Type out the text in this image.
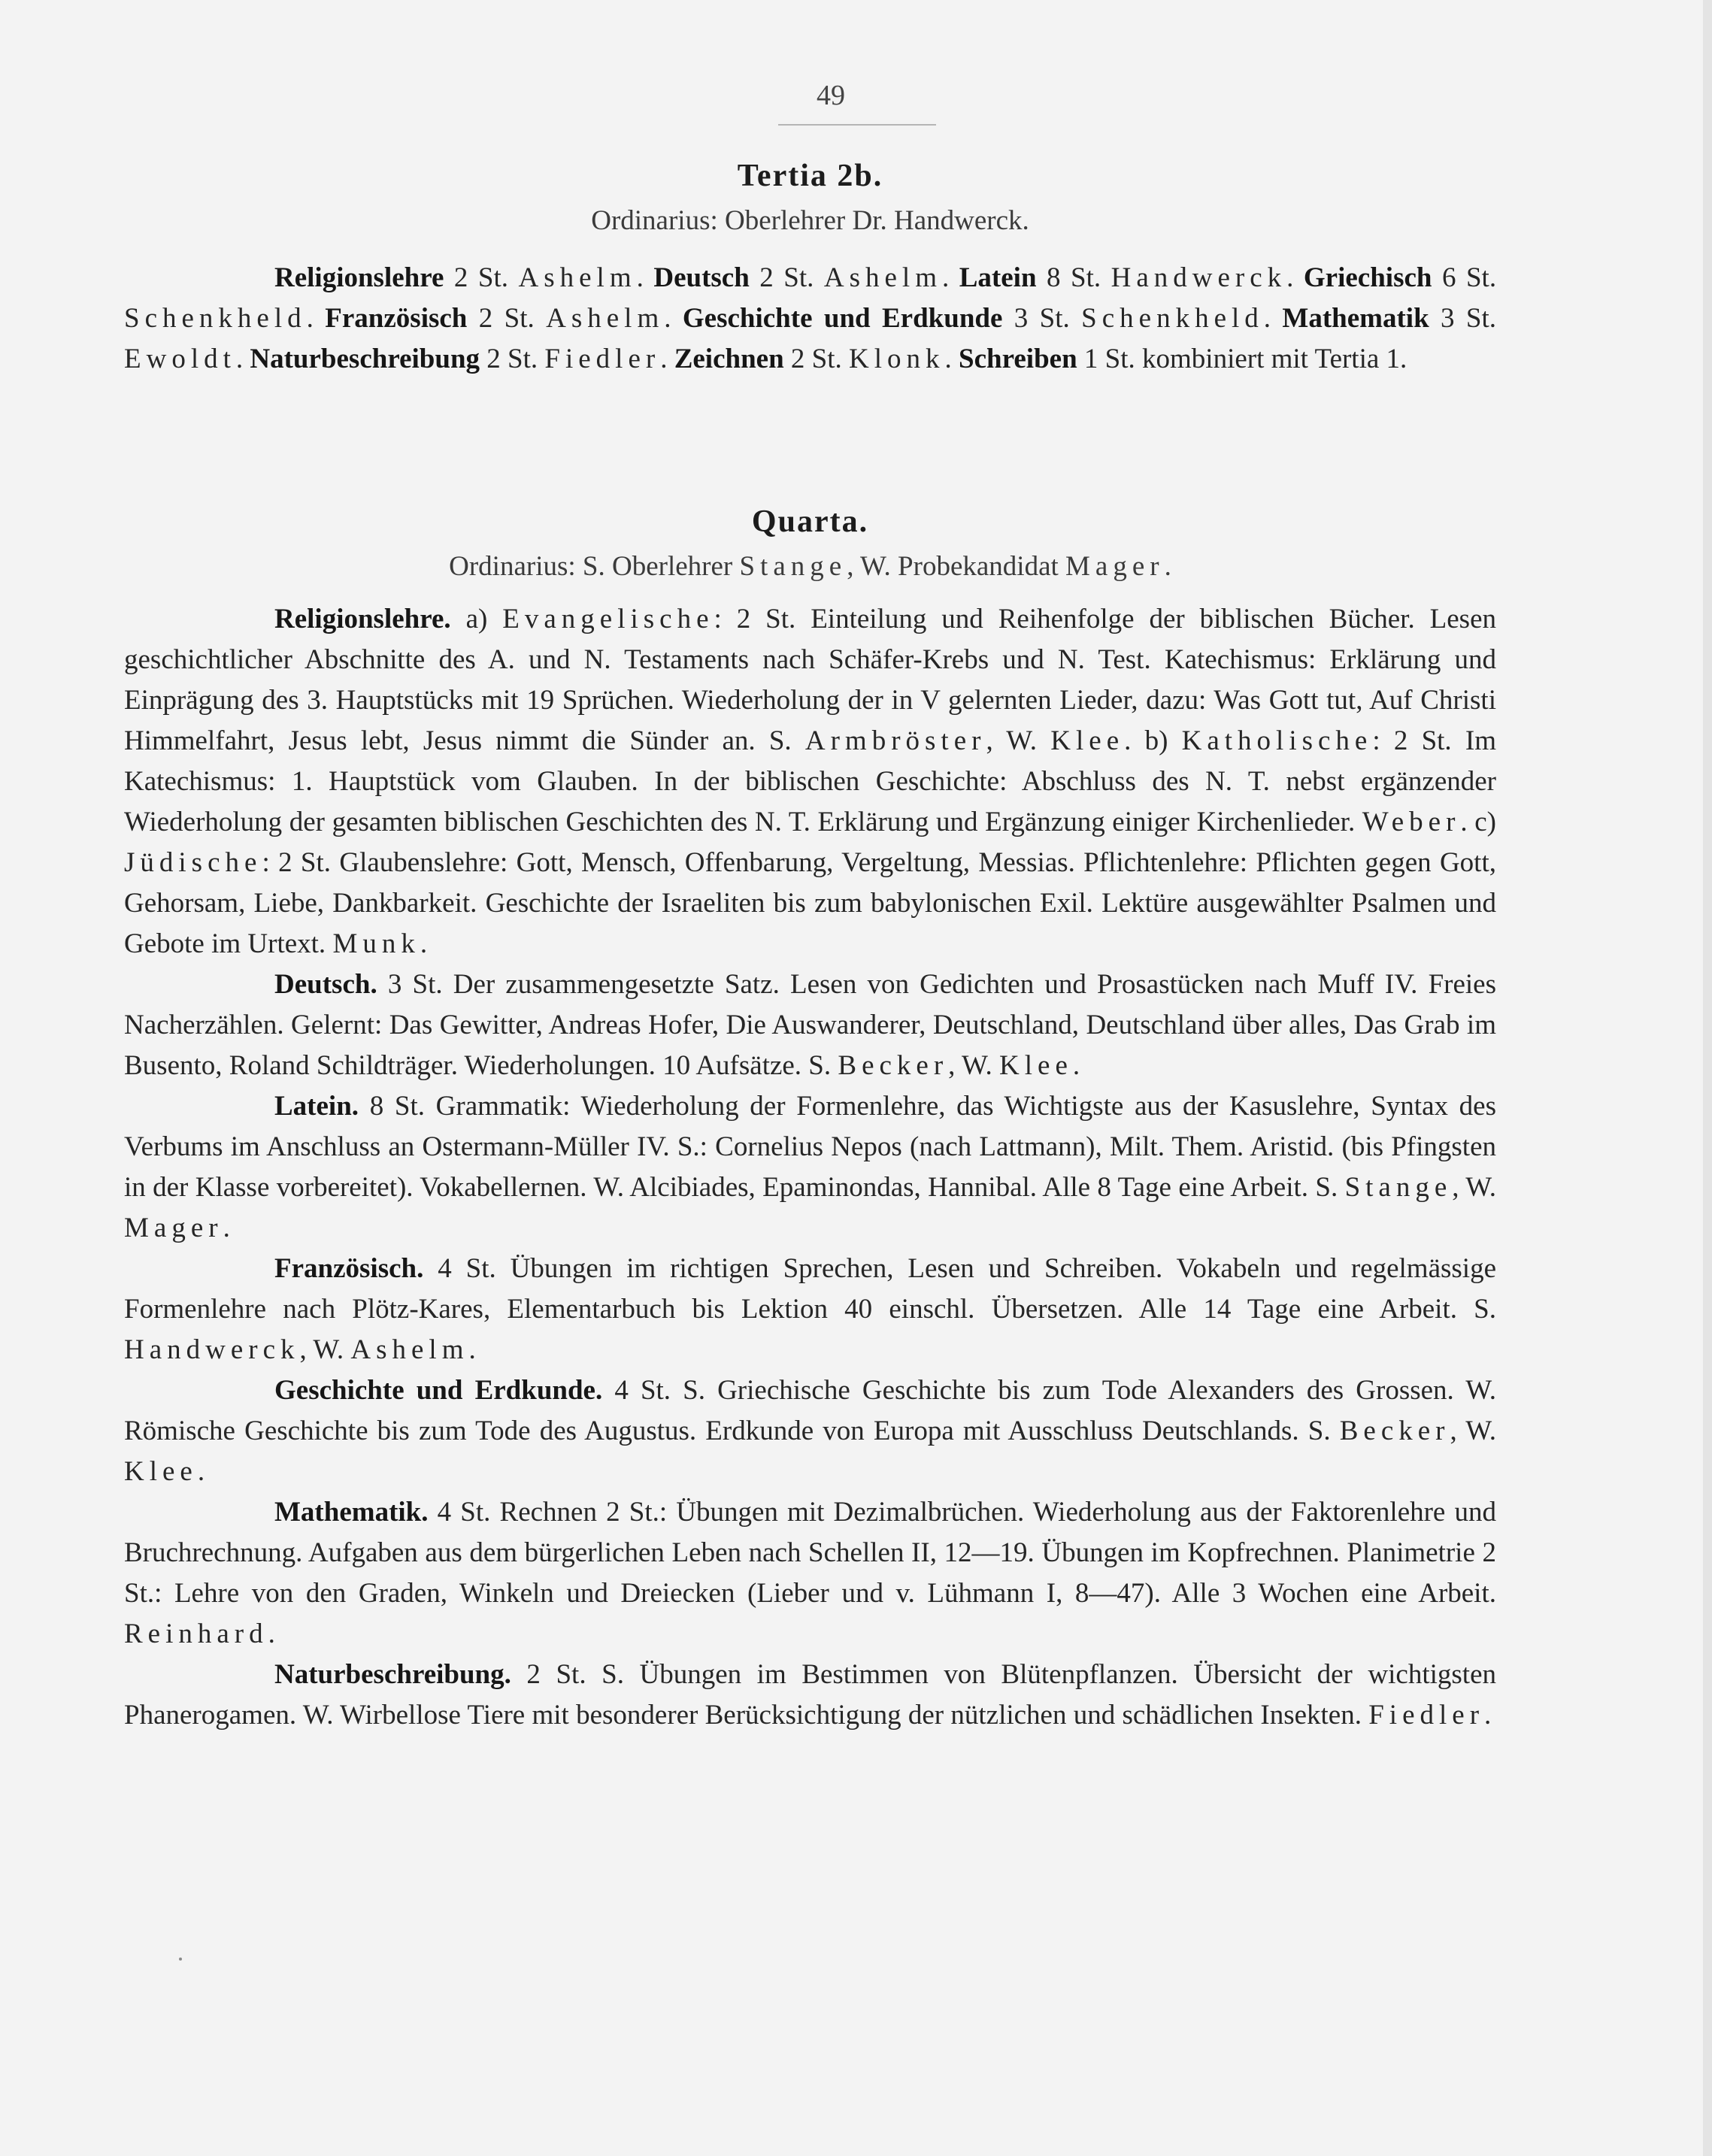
49
Tertia 2b.

Ordinarius: Oberlehrer Dr. Handwerck.

Religionslehre 2 St. Ashelm. Deutsch 2 St. Ashelm. Latein 8 St. Handwerck. Griechisch 6 St. Schenkheld. Französisch 2 St. Ashelm. Geschichte und Erdkunde 3 St. Schenkheld. Mathematik 3 St. Ewoldt. Naturbeschreibung 2 St. Fiedler. Zeichnen 2 St. Klonk. Schreiben 1 St. kombiniert mit Tertia 1.

Quarta.

Ordinarius: S. Oberlehrer Stange, W. Probekandidat Mager.

Religionslehre. a) Evangelische: 2 St. Einteilung und Reihenfolge der biblischen Bücher. Lesen geschichtlicher Abschnitte des A. und N. Testaments nach Schäfer-Krebs und N. Test. Katechismus: Erklärung und Einprägung des 3. Hauptstücks mit 19 Sprüchen. Wiederholung der in V gelernten Lieder, dazu: Was Gott tut, Auf Christi Himmelfahrt, Jesus lebt, Jesus nimmt die Sünder an. S. Armbröster, W. Klee. b) Katholische: 2 St. Im Katechismus: 1. Hauptstück vom Glauben. In der biblischen Geschichte: Abschluss des N. T. nebst ergänzender Wiederholung der gesamten biblischen Geschichten des N. T. Erklärung und Ergänzung einiger Kirchenlieder. Weber. c) Jüdische: 2 St. Glaubenslehre: Gott, Mensch, Offenbarung, Vergeltung, Messias. Pflichtenlehre: Pflichten gegen Gott, Gehorsam, Liebe, Dankbarkeit. Geschichte der Israeliten bis zum babylonischen Exil. Lektüre ausgewählter Psalmen und Gebote im Urtext. Munk.

Deutsch. 3 St. Der zusammengesetzte Satz. Lesen von Gedichten und Prosastücken nach Muff IV. Freies Nacherzählen. Gelernt: Das Gewitter, Andreas Hofer, Die Auswanderer, Deutschland, Deutschland über alles, Das Grab im Busento, Roland Schildträger. Wiederholungen. 10 Aufsätze. S. Becker, W. Klee.

Latein. 8 St. Grammatik: Wiederholung der Formenlehre, das Wichtigste aus der Kasuslehre, Syntax des Verbums im Anschluss an Ostermann-Müller IV. S.: Cornelius Nepos (nach Lattmann), Milt. Them. Aristid. (bis Pfingsten in der Klasse vorbereitet). Vokabellernen. W. Alcibiades, Epaminondas, Hannibal. Alle 8 Tage eine Arbeit. S. Stange, W. Mager.

Französisch. 4 St. Übungen im richtigen Sprechen, Lesen und Schreiben. Vokabeln und regelmässige Formenlehre nach Plötz-Kares, Elementarbuch bis Lektion 40 einschl. Übersetzen. Alle 14 Tage eine Arbeit. S. Handwerck, W. Ashelm.

Geschichte und Erdkunde. 4 St. S. Griechische Geschichte bis zum Tode Alexanders des Grossen. W. Römische Geschichte bis zum Tode des Augustus. Erdkunde von Europa mit Ausschluss Deutschlands. S. Becker, W. Klee.

Mathematik. 4 St. Rechnen 2 St.: Übungen mit Dezimalbrüchen. Wiederholung aus der Faktorenlehre und Bruchrechnung. Aufgaben aus dem bürgerlichen Leben nach Schellen II, 12—19. Übungen im Kopfrechnen. Planimetrie 2 St.: Lehre von den Graden, Winkeln und Dreiecken (Lieber und v. Lühmann I, 8—47). Alle 3 Wochen eine Arbeit. Reinhard.

Naturbeschreibung. 2 St. S. Übungen im Bestimmen von Blütenpflanzen. Übersicht der wichtigsten Phanerogamen. W. Wirbellose Tiere mit besonderer Berücksichtigung der nützlichen und schädlichen Insekten. Fiedler.
